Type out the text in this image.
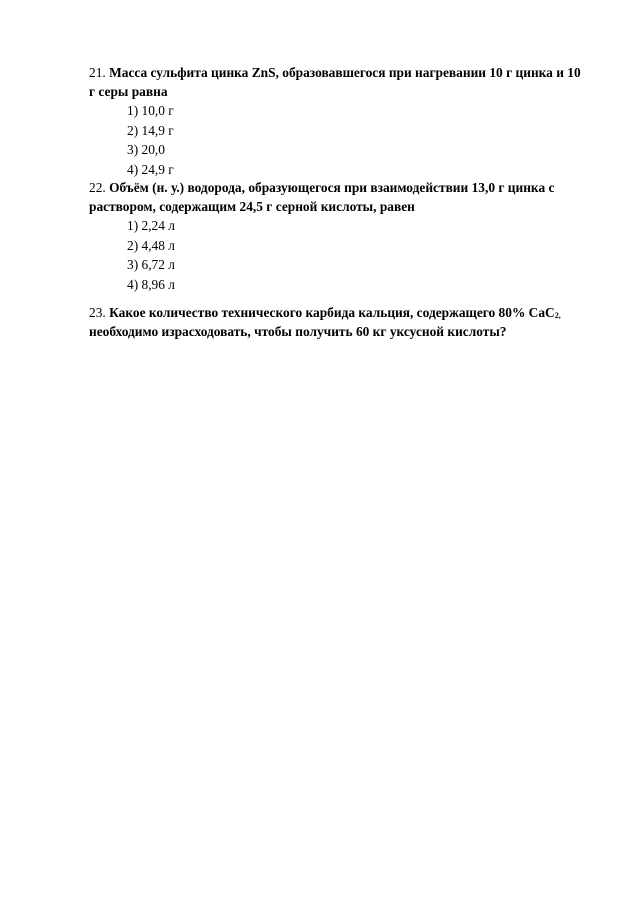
21. Масса сульфита цинка ZnS, образовавшегося при нагревании 10 г цинка и 10 г серы равна

1) 10,0 г
2) 14,9 г
3) 20,0
4) 24,9 г

22. Объём (н. у.) водорода, образующегося при взаимодействии 13,0 г цинка с раствором, содержащим 24,5 г серной кислоты, равен

1) 2,24 л
2) 4,48 л
3) 6,72 л
4) 8,96 л

23. Какое количество технического карбида кальция, содержащего 80% CaC$_{2,}$ необходимо израсходовать, чтобы получить 60 кг уксусной кислоты?
